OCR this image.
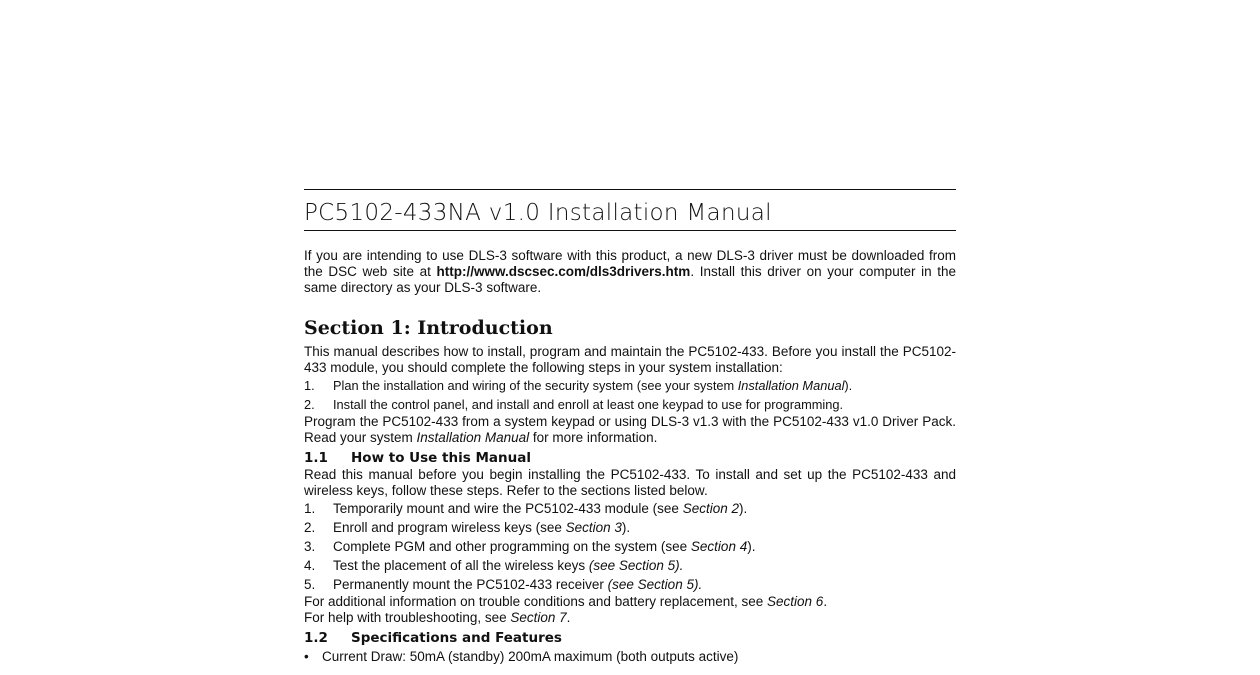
PC5102-433NA v1.0 Installation Manual

If you are intending to use DLS-3 software with this product, a new DLS-3 driver must be downloaded from the DSC web site at http://www.dscsec.com/dls3drivers.htm. Install this driver on your computer in the same directory as your DLS-3 software.

Section 1: Introduction

This manual describes how to install, program and maintain the PC5102-433. Before you install the PC5102-433 module, you should complete the following steps in your system installation:

1.	Plan the installation and wiring of the security system (see your system Installation Manual).
2.	Install the control panel, and install and enroll at least one keypad to use for programming.

Program the PC5102-433 from a system keypad or using DLS-3 v1.3 with the PC5102-433 v1.0 Driver Pack. Read your system Installation Manual for more information.

1.1 How to Use this Manual

Read this manual before you begin installing the PC5102-433. To install and set up the PC5102-433 and wireless keys, follow these steps. Refer to the sections listed below.

1.	Temporarily mount and wire the PC5102-433 module (see Section 2).
2.	Enroll and program wireless keys (see Section 3).
3.	Complete PGM and other programming on the system (see Section 4).
4.	Test the placement of all the wireless keys (see Section 5).
5.	Permanently mount the PC5102-433 receiver (see Section 5).

For additional information on trouble conditions and battery replacement, see Section 6.

For help with troubleshooting, see Section 7.

1.2 Specifications and Features
• Current Draw: 50mA (standby) 200mA maximum (both outputs active)
